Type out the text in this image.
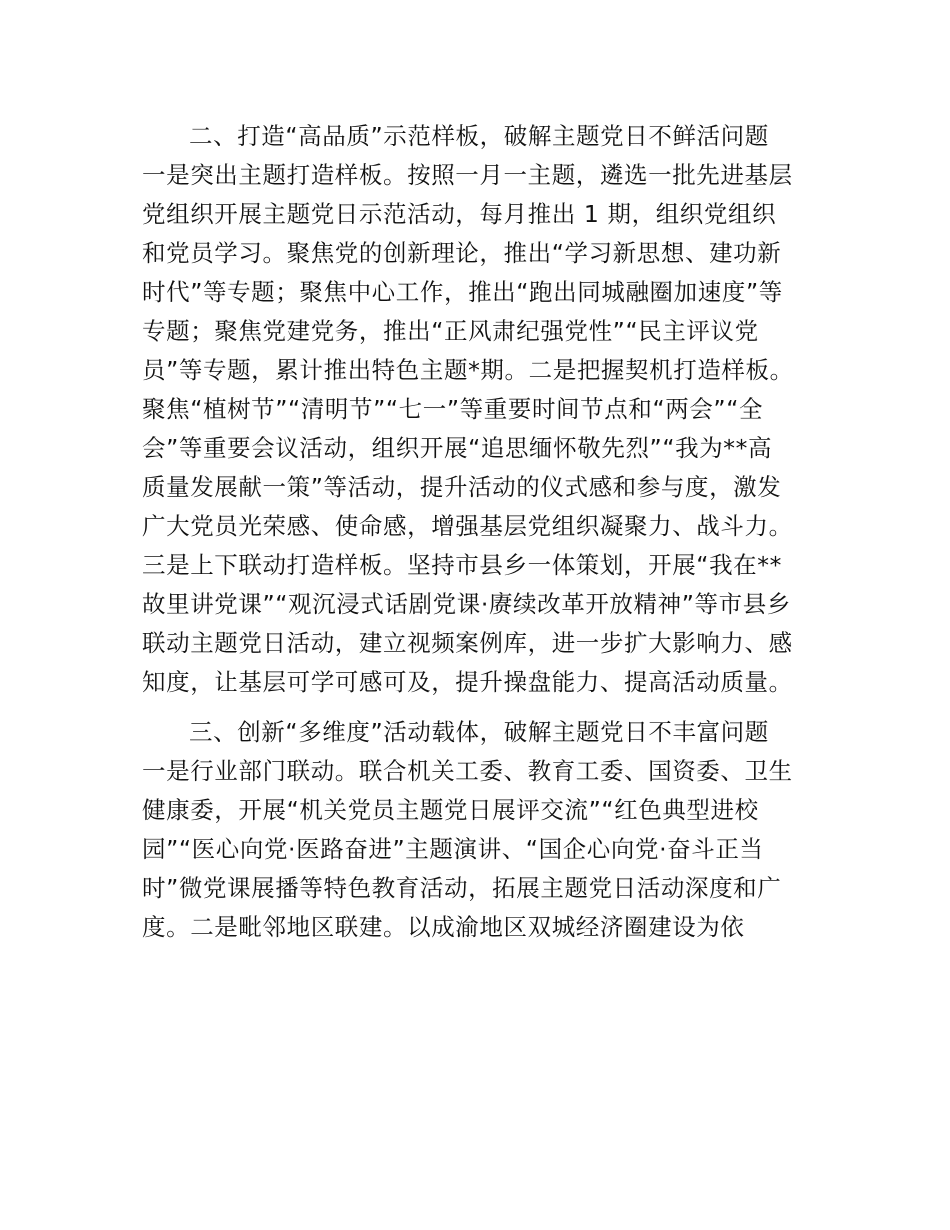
二、打造“高品质”示范样板，破解主题党日不鲜活问题
一是突出主题打造样板。按照一月一主题，遴选一批先进基层
党组织开展主题党日示范活动，每月推出 1 期，组织党组织
和党员学习。聚焦党的创新理论，推出“学习新思想、建功新
时代”等专题；聚焦中心工作，推出“跑出同城融圈加速度”等
专题；聚焦党建党务，推出“正风肃纪强党性”“民主评议党
员”等专题，累计推出特色主题*期。二是把握契机打造样板。
聚焦“植树节”“清明节”“七一”等重要时间节点和“两会”“全
会”等重要会议活动，组织开展“追思缅怀敬先烈”“我为**高
质量发展献一策”等活动，提升活动的仪式感和参与度，激发
广大党员光荣感、使命感，增强基层党组织凝聚力、战斗力。
三是上下联动打造样板。坚持市县乡一体策划，开展“我在**
故里讲党课”“观沉浸式话剧党课·赓续改革开放精神”等市县乡
联动主题党日活动，建立视频案例库，进一步扩大影响力、感
知度，让基层可学可感可及，提升操盘能力、提高活动质量。
三、创新“多维度”活动载体，破解主题党日不丰富问题
一是行业部门联动。联合机关工委、教育工委、国资委、卫生
健康委，开展“机关党员主题党日展评交流”“红色典型进校
园”“医心向党·医路奋进”主题演讲、“国企心向党·奋斗正当
时”微党课展播等特色教育活动，拓展主题党日活动深度和广
度。二是毗邻地区联建。以成渝地区双城经济圈建设为依
